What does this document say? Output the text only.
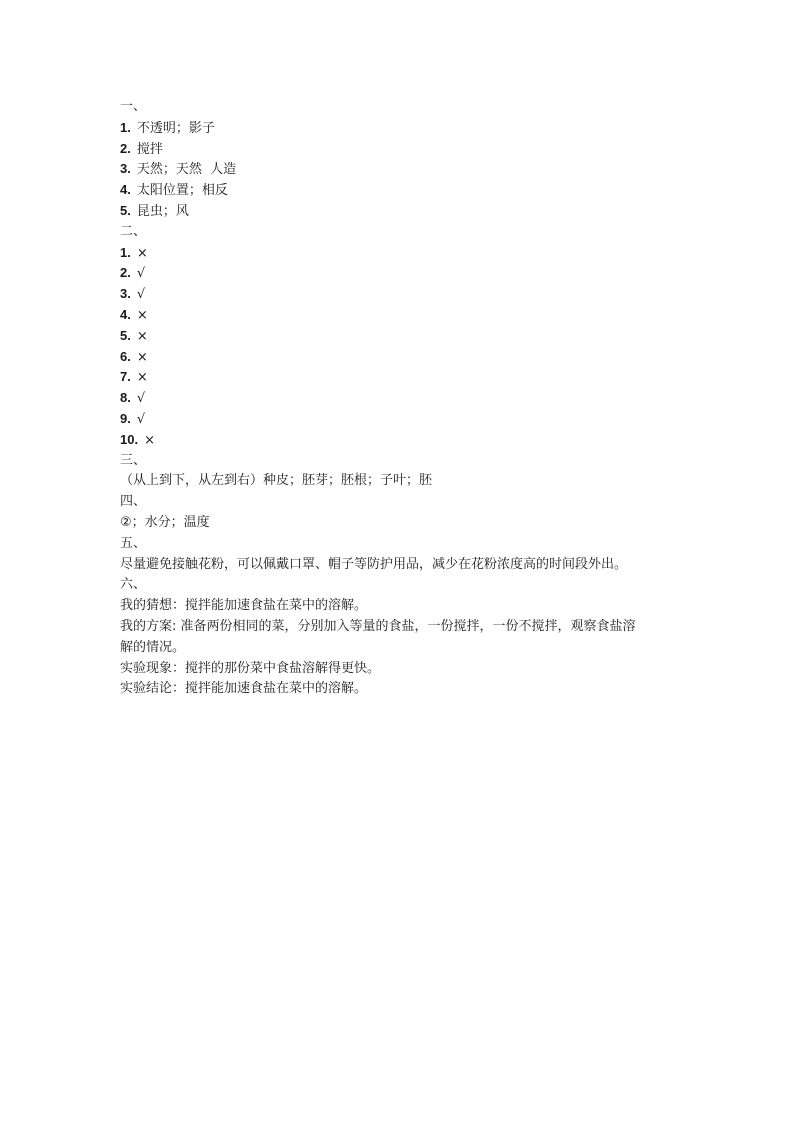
一、
1. 不透明；影子
2. 搅拌
3. 天然；天然  人造
4. 太阳位置；相反
5. 昆虫；风
二、
1. ×
2. √
3. √
4. ×
5. ×
6. ×
7. ×
8. √
9. √
10. ×
三、
（从上到下，从左到右）种皮；胚芽；胚根；子叶；胚
四、
②；水分；温度
五、
尽量避免接触花粉，可以佩戴口罩、帽子等防护用品，减少在花粉浓度高的时间段外出。
六、
我的猜想：搅拌能加速食盐在菜中的溶解。
我的方案: 准备两份相同的菜，分别加入等量的食盐，一份搅拌，一份不搅拌，观察食盐溶
解的情况。
实验现象：搅拌的那份菜中食盐溶解得更快。
实验结论：搅拌能加速食盐在菜中的溶解。
